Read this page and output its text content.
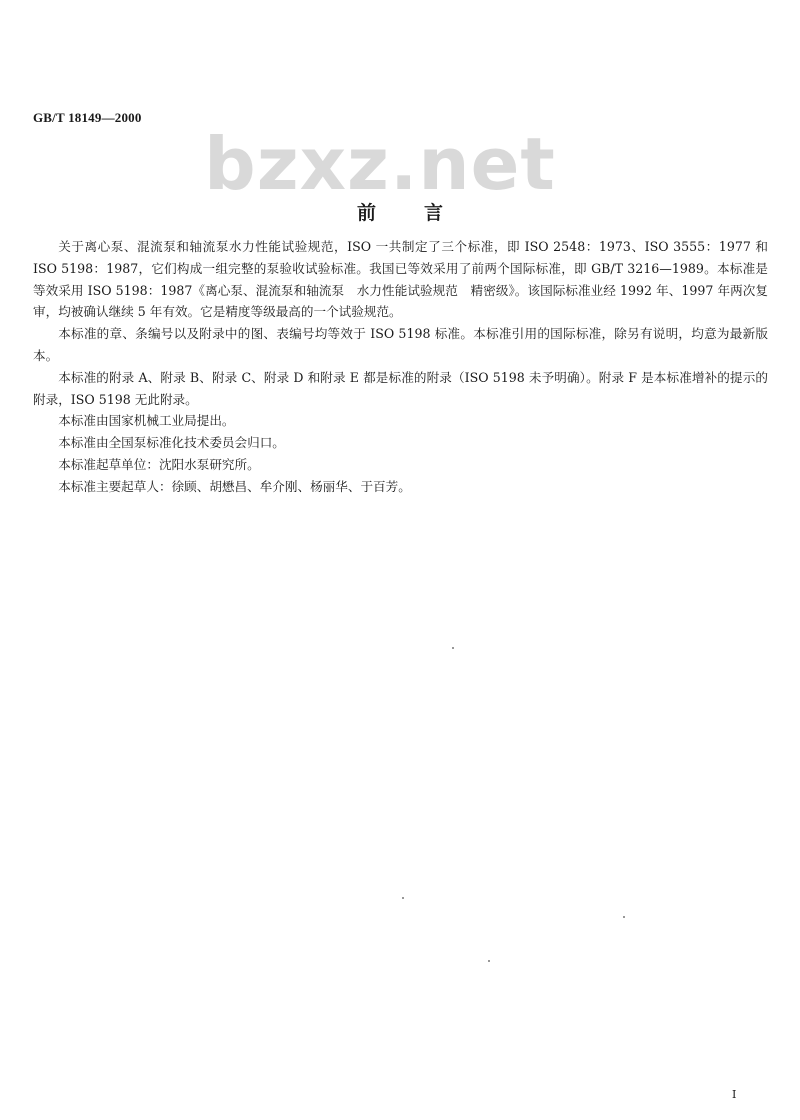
GB/T 18149—2000
bzxz.net
前言

关于离心泵、混流泵和轴流泵水力性能试验规范，ISO 一共制定了三个标准，即 ISO 2548：1973、ISO 3555：1977 和 ISO 5198：1987，它们构成一组完整的泵验收试验标准。我国已等效采用了前两个国际标准，即 GB/T 3216—1989。本标准是等效采用 ISO 5198：1987《离心泵、混流泵和轴流泵　水力性能试验规范　精密级》。该国际标准业经 1992 年、1997 年两次复审，均被确认继续 5 年有效。它是精度等级最高的一个试验规范。

本标准的章、条编号以及附录中的图、表编号均等效于 ISO 5198 标准。本标准引用的国际标准，除另有说明，均意为最新版本。

本标准的附录 A、附录 B、附录 C、附录 D 和附录 E 都是标准的附录（ISO 5198 未予明确）。附录 F 是本标准增补的提示的附录，ISO 5198 无此附录。

本标准由国家机械工业局提出。

本标准由全国泵标准化技术委员会归口。

本标准起草单位：沈阳水泵研究所。

本标准主要起草人：徐顾、胡懋昌、牟介刚、杨丽华、于百芳。

I
